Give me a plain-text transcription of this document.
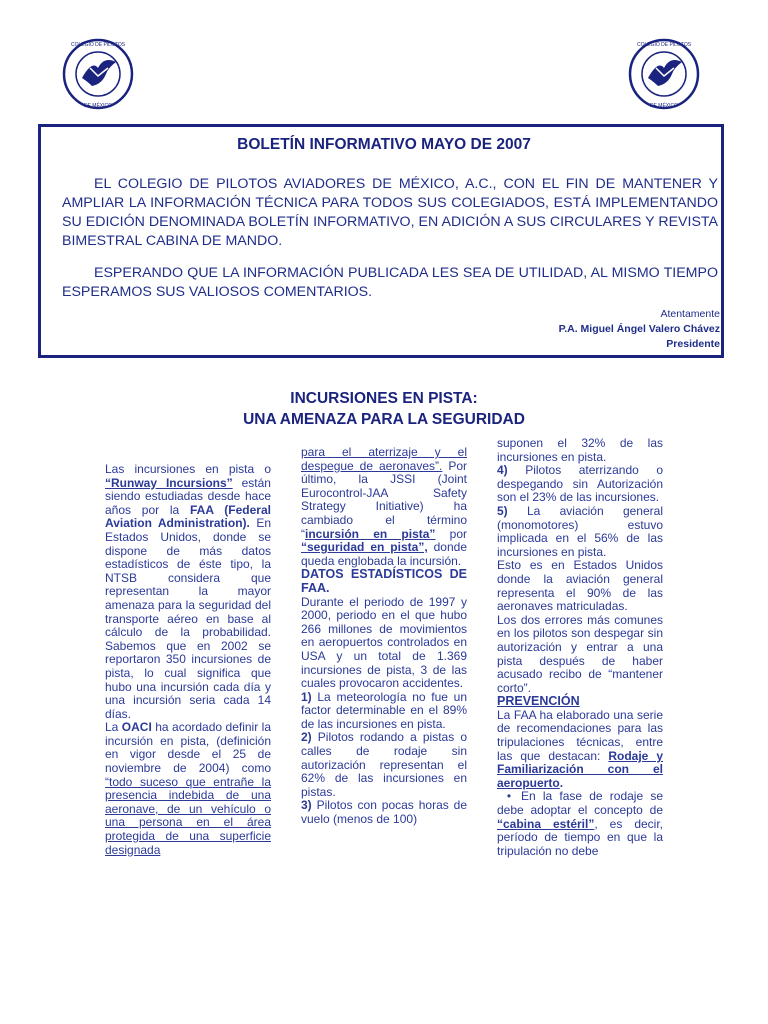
COLEGIO DE PILOTOS
DE MÉXICO
COLEGIO DE PILOTOS
DE MÉXICO
BOLETÍN INFORMATIVO MAYO DE 2007
EL COLEGIO DE PILOTOS AVIADORES DE MÉXICO, A.C., CON EL FIN DE MANTENER Y AMPLIAR LA INFORMACIÓN TÉCNICA PARA TODOS SUS COLEGIADOS, ESTÁ IMPLEMENTANDO SU EDICIÓN DENOMINADA BOLETÍN INFORMATIVO, EN ADICIÓN A SUS CIRCULARES Y REVISTA BIMESTRAL CABINA DE MANDO.
ESPERANDO QUE LA INFORMACIÓN PUBLICADA LES SEA DE UTILIDAD, AL MISMO TIEMPO ESPERAMOS SUS VALIOSOS COMENTARIOS.
Atentamente
P.A. Miguel Ángel Valero Chávez
Presidente
INCURSIONES EN PISTA:
UNA AMENAZA PARA LA SEGURIDAD

Las incursiones en pista o “Runway Incursions” están siendo estudiadas desde hace años por la FAA (Federal Aviation Administration). En Estados Unidos, donde se dispone de más datos estadísticos de éste tipo, la NTSB considera que representan la mayor amenaza para la seguridad del transporte aéreo en base al cálculo de la probabilidad. Sabemos que en 2002 se reportaron 350 incursiones de pista, lo cual significa que hubo una incursión cada día y una incursión seria cada 14 días.

La OACI ha acordado definir la incursión en pista, (definición en vigor desde el 25 de noviembre de 2004) como “todo suceso que entrañe la presencia indebida de una aeronave, de un vehículo o una persona en el área protegida de una superficie designada

para el aterrizaje y el despegue de aeronaves”. Por último, la JSSI (Joint Eurocontrol-JAA Safety Strategy Initiative) ha cambiado el término “incursión en pista” por “seguridad en pista”, donde queda englobada la incursión.

DATOS ESTADÍSTICOS DE FAA.

Durante el periodo de 1997 y 2000, periodo en el que hubo 266 millones de movimientos en aeropuertos controlados en USA y un total de 1.369 incursiones de pista, 3 de las cuales provocaron accidentes.

1) La meteorología no fue un factor determinable en el 89% de las incursiones en pista.

2) Pilotos rodando a pistas o calles de rodaje sin autorización representan el 62% de las incursiones en pistas.

3) Pilotos con pocas horas de vuelo (menos de 100)

suponen el 32% de las incursiones en pista.

4) Pilotos aterrizando o despegando sin Autorización son el 23% de las incursiones.

5) La aviación general (monomotores) estuvo implicada en el 56% de las incursiones en pista.

Esto es en Estados Unidos donde la aviación general representa el 90% de las aeronaves matriculadas.

Los dos errores más comunes en los pilotos son despegar sin autorización y entrar a una pista después de haber acusado recibo de “mantener corto”.

PREVENCIÓN

La FAA ha elaborado una serie de recomendaciones para las tripulaciones técnicas, entre las que destacan: Rodaje y Familiarización con el aeropuerto.

• En la fase de rodaje se debe adoptar el concepto de “cabina estéril”, es decir, período de tiempo en que la tripulación no debe
